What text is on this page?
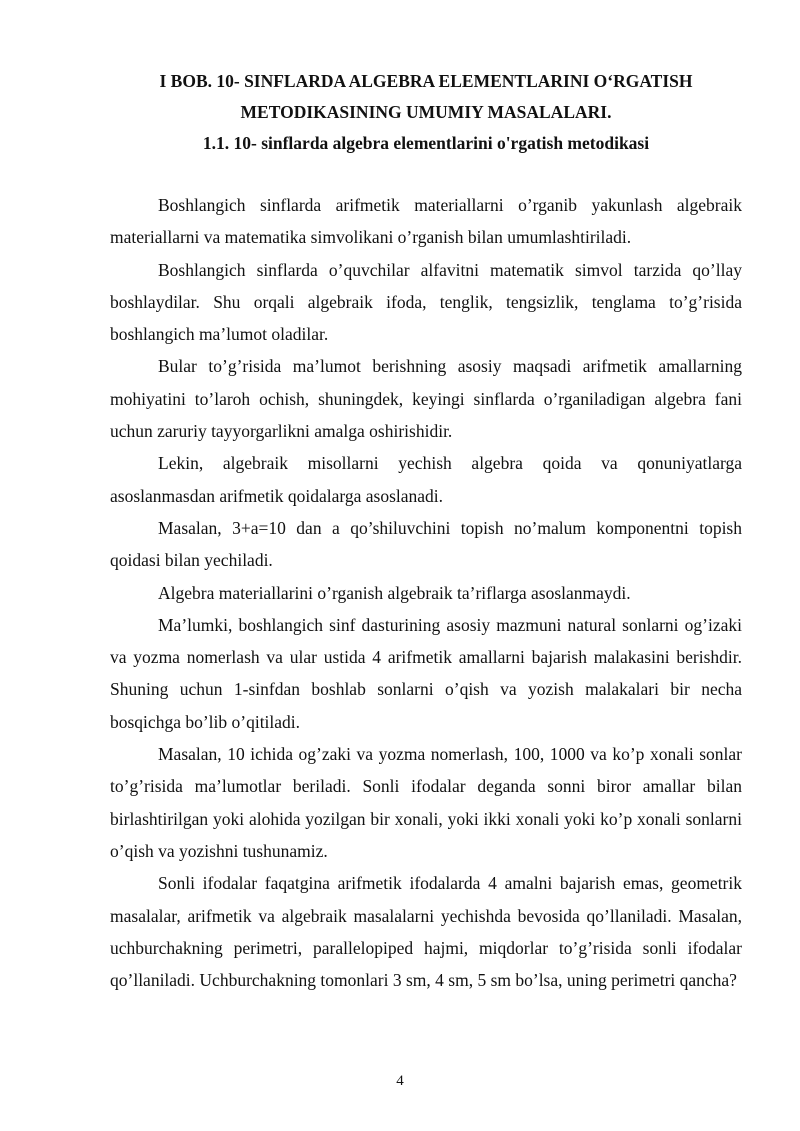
I BOB. 10- SINFLARDA ALGEBRA ELEMENTLARINI O‘RGATISH

METODIKASINING UMUMIY MASALALARI.

1.1. 10- sinflarda algebra elementlarini o'rgatish metodikasi

Boshlangich sinflarda arifmetik materiallarni o’rganib yakunlash algebraik materiallarni va matematika simvolikani o’rganish bilan umumlashtiriladi.

Boshlangich sinflarda o’quvchilar alfavitni matematik simvol tarzida qo’llay boshlaydilar. Shu orqali algebraik ifoda, tenglik, tengsizlik, tenglama to’g’risida boshlangich ma’lumot oladilar.

Bular to’g’risida ma’lumot berishning asosiy maqsadi arifmetik amallarning mohiyatini to’laroh ochish, shuningdek, keyingi sinflarda o’rganiladigan algebra fani uchun zaruriy tayyorgarlikni amalga oshirishidir.

Lekin, algebraik misollarni yechish algebra qoida va qonuniyatlarga asoslanmasdan arifmetik qoidalarga asoslanadi.

Masalan, 3+a=10 dan a qo’shiluvchini topish no’malum komponentni topish qoidasi bilan yechiladi.

Algebra materiallarini o’rganish algebraik ta’riflarga asoslanmaydi.

Ma’lumki, boshlangich sinf dasturining asosiy mazmuni natural sonlarni og’izaki va yozma nomerlash va ular ustida 4 arifmetik amallarni bajarish malakasini berishdir. Shuning uchun 1-sinfdan boshlab sonlarni o’qish va yozish malakalari bir necha bosqichga bo’lib o’qitiladi.

Masalan, 10 ichida og’zaki va yozma nomerlash, 100, 1000 va ko’p xonali sonlar to’g’risida ma’lumotlar beriladi. Sonli ifodalar deganda sonni biror amallar bilan birlashtirilgan yoki alohida yozilgan bir xonali, yoki ikki xonali yoki ko’p xonali sonlarni o’qish va yozishni tushunamiz.

Sonli ifodalar faqatgina arifmetik ifodalarda 4 amalni bajarish emas, geometrik masalalar, arifmetik va algebraik masalalarni yechishda bevosida qo’llaniladi. Masalan, uchburchakning perimetri, parallelopiped hajmi, miqdorlar to’g’risida sonli ifodalar qo’llaniladi. Uchburchakning tomonlari 3 sm, 4 sm, 5 sm bo’lsa, uning perimetri qancha?

4
